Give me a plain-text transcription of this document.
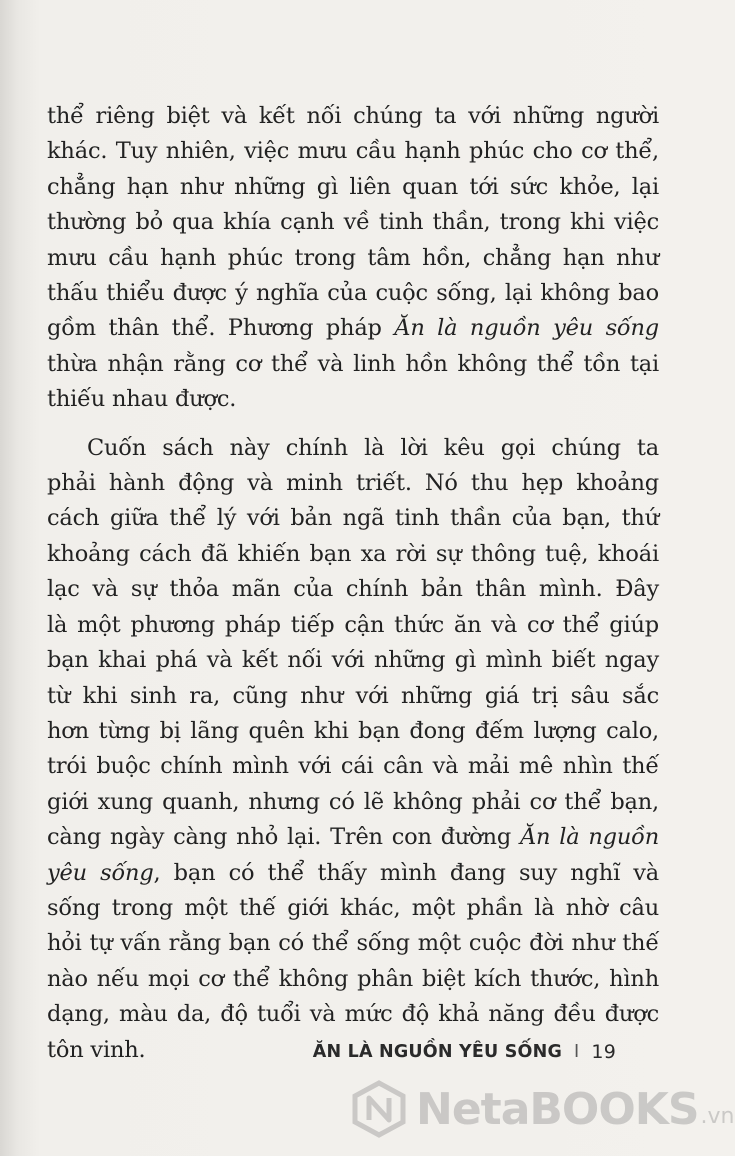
thể riêng biệt và kết nối chúng ta với những người
khác. Tuy nhiên, việc mưu cầu hạnh phúc cho cơ thể,
chẳng hạn như những gì liên quan tới sức khỏe, lại
thường bỏ qua khía cạnh về tinh thần, trong khi việc
mưu cầu hạnh phúc trong tâm hồn, chẳng hạn như
thấu thiểu được ý nghĩa của cuộc sống, lại không bao
gồm thân thể. Phương pháp Ăn là nguồn yêu sống
thừa nhận rằng cơ thể và linh hồn không thể tồn tại

thiếu nhau được.

Cuốn sách này chính là lời kêu gọi chúng ta
phải hành động và minh triết. Nó thu hẹp khoảng
cách giữa thể lý với bản ngã tinh thần của bạn, thứ
khoảng cách đã khiến bạn xa rời sự thông tuệ, khoái
lạc và sự thỏa mãn của chính bản thân mình. Đây
là một phương pháp tiếp cận thức ăn và cơ thể giúp
bạn khai phá và kết nối với những gì mình biết ngay
từ khi sinh ra, cũng như với những giá trị sâu sắc
hơn từng bị lãng quên khi bạn đong đếm lượng calo,
trói buộc chính mình với cái cân và mải mê nhìn thế
giới xung quanh, nhưng có lẽ không phải cơ thể bạn,
càng ngày càng nhỏ lại. Trên con đường Ăn là nguồn
yêu sống, bạn có thể thấy mình đang suy nghĩ và
sống trong một thế giới khác, một phần là nhờ câu
hỏi tự vấn rằng bạn có thể sống một cuộc đời như thế
nào nếu mọi cơ thể không phân biệt kích thước, hình
dạng, màu da, độ tuổi và mức độ khả năng đều được

tôn vinh.	ĂN LÀ NGUỒN YÊU SỐNG I 19
NetaBOOKS .vn
